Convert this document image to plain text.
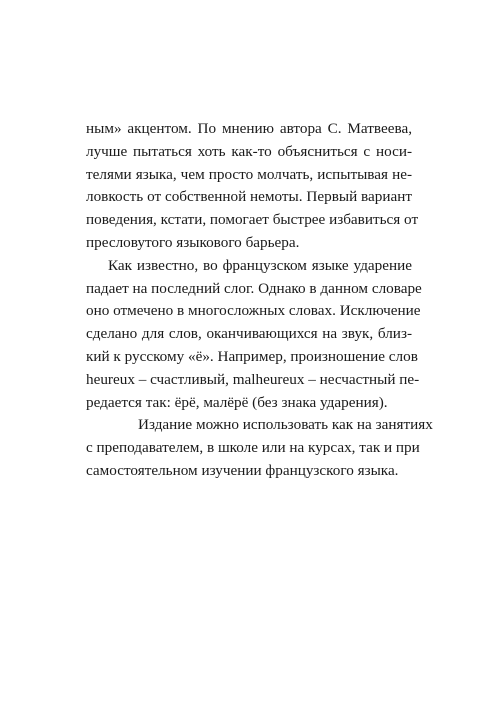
ным» акцентом. По мнению автора С. Матвеева,
лучше пытаться хоть как-то объясниться с носи-
телями языка, чем просто молчать, испытывая не-
ловкость от собственной немоты. Первый вариант
поведения, кстати, помогает быстрее избавиться от
пресловутого языкового барьера.
Как известно, во французском языке ударение
падает на последний слог. Однако в данном словаре
оно отмечено в многосложных словах. Исключение
сделано для слов, оканчивающихся на звук, близ-
кий к русскому «ё». Например, произношение слов
heureux – счастливый, malheureux – несчастный пе-
редается так: ёрё, малёрё (без знака ударения).
Издание можно использовать как на занятиях
с преподавателем, в школе или на курсах, так и при
самостоятельном изучении французского языка.
